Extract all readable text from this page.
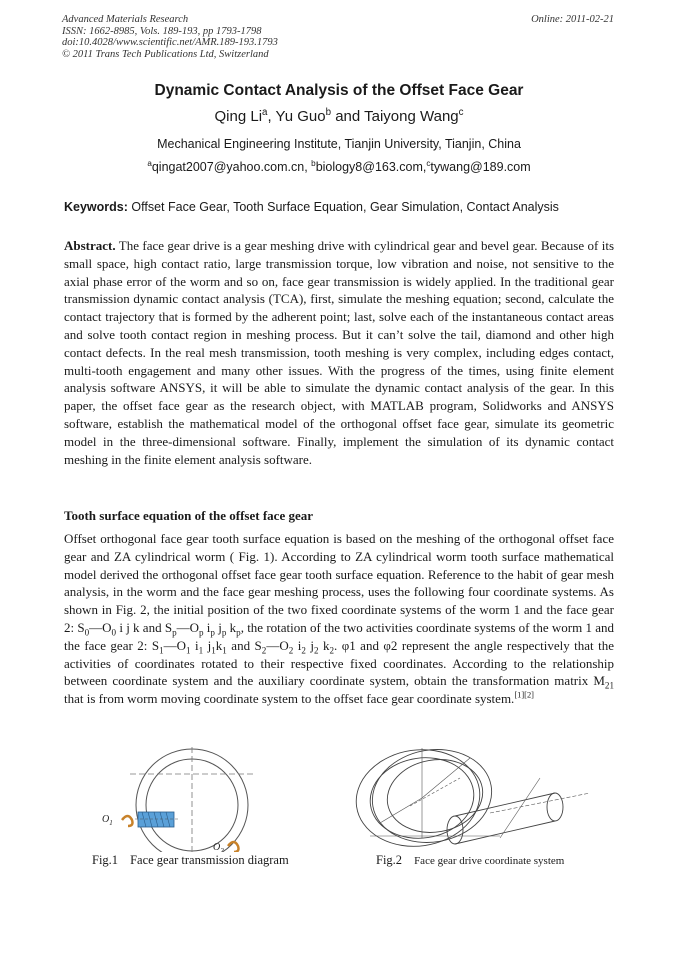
Advanced Materials Research
ISSN: 1662-8985, Vols. 189-193, pp 1793-1798
doi:10.4028/www.scientific.net/AMR.189-193.1793
© 2011 Trans Tech Publications Ltd, Switzerland
Online: 2011-02-21
Dynamic Contact Analysis of the Offset Face Gear
Qing Li$^a$, Yu Guo$^b$ and Taiyong Wang$^c$
Mechanical Engineering Institute, Tianjin University, Tianjin, China
$^a$qingat2007@yahoo.com.cn, $^b$biology8@163.com,$^c$tywang@189.com
Keywords: Offset Face Gear, Tooth Surface Equation, Gear Simulation, Contact Analysis
Abstract. The face gear drive is a gear meshing drive with cylindrical gear and bevel gear. Because of its small space, high contact ratio, large transmission torque, low vibration and noise, not sensitive to the axial phase error of the worm and so on, face gear transmission is widely applied. In the traditional gear transmission dynamic contact analysis (TCA), first, simulate the meshing equation; second, calculate the contact trajectory that is formed by the adherent point; last, solve each of the instantaneous contact areas and solve tooth contact region in meshing process. But it can’t solve the tail, diamond and other high contact defects. In the real mesh transmission, tooth meshing is very complex, including edges contact, multi-tooth engagement and many other issues. With the progress of the times, using finite element analysis software ANSYS, it will be able to simulate the dynamic contact analysis of the gear. In this paper, the offset face gear as the research object, with MATLAB program, Solidworks and ANSYS software, establish the mathematical model of the orthogonal offset face gear, simulate its geometric model in the three-dimensional software. Finally, implement the simulation of its dynamic contact meshing in the finite element analysis software.
Tooth surface equation of the offset face gear
Offset orthogonal face gear tooth surface equation is based on the meshing of the orthogonal offset face gear and ZA cylindrical worm ( Fig. 1). According to ZA cylindrical worm tooth surface mathematical model derived the orthogonal offset face gear tooth surface equation. Reference to the habit of gear mesh analysis, in the worm and the face gear meshing process, uses the following four coordinate systems. As shown in Fig. 2, the initial position of the two fixed coordinate systems of the worm 1 and the face gear 2: $S_0—O_0$ i j k and $S_p—O_p$ $i_p$ $j_p$ $k_p$, the rotation of the two activities coordinate systems of the worm 1 and the face gear 2: $S_1—O_1$ $i_1$ $j_1k_1$ and $S_2—O_2$ $i_2$ $j_2$ $k_2$. φ1 and φ2 represent the angle respectively that the activities of coordinates rotated to their respective fixed coordinates. According to the relationship between coordinate system and the auxiliary coordinate system, obtain the transformation matrix $M_{21}$ that is from worm moving coordinate system to the offset face gear coordinate system.[1][2]
$O_1$
$O_2$
Fig.1 Face gear transmission diagram	Fig.2 Face gear drive coordinate system
